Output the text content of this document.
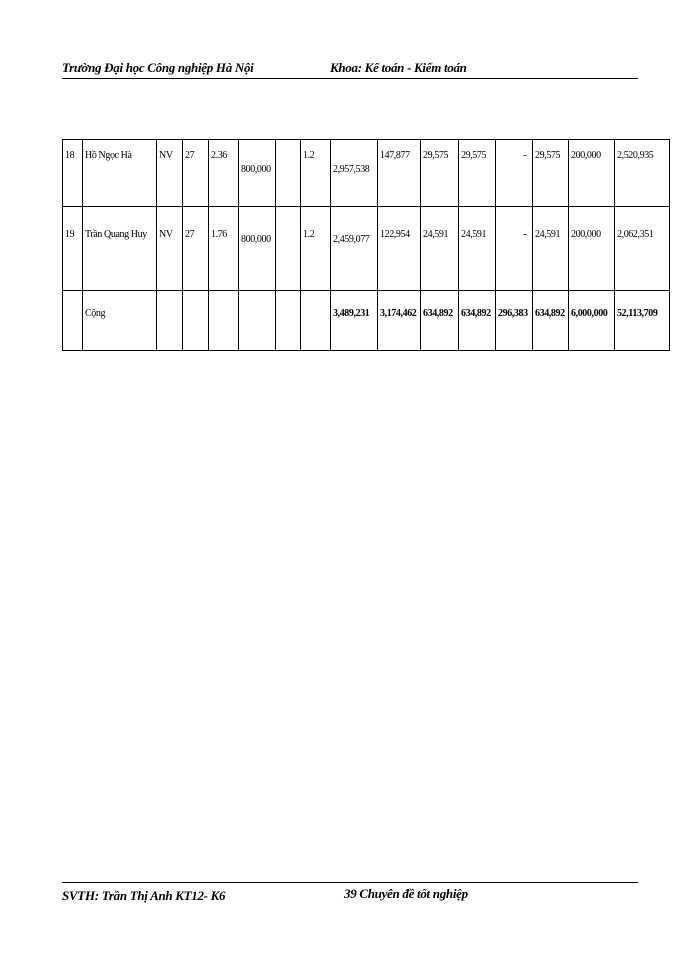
Trường Đại học Công nghiệp Hà Nội	Khoa: Kế toán - Kiểm toán
18	Hồ Ngọc Hà	NV	27	2.36	800,000		1.2	2,957,538	147,877	29,575	29,575	-	29,575	200,000	2,520,935
19	Trần Quang Huy	NV	27	1.76	800,000		1.2	2,459,077	122,954	24,591	24,591	-	24,591	200,000	2,062,351
	Cộng							3,489,231	3,174,462	634,892	634,892	296,383	634,892	6,000,000	52,113,709
SVTH: Trần Thị Anh KT12- K6	39 Chuyên đề tốt nghiệp
